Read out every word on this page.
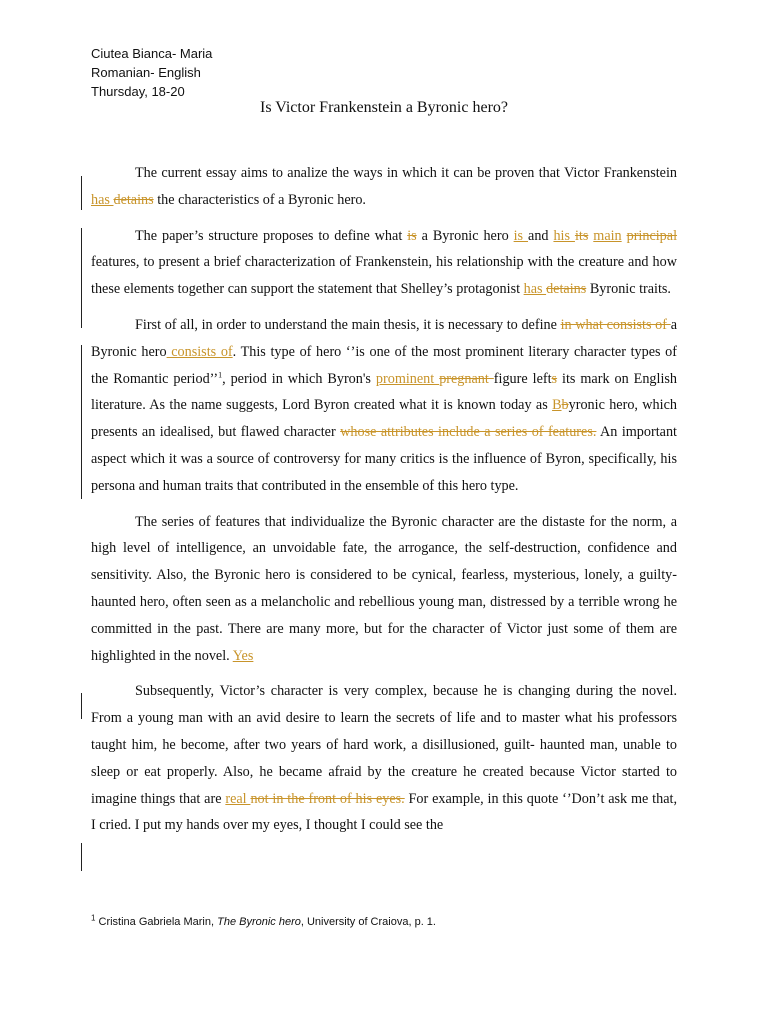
Ciutea Bianca- Maria
Romanian- English
Thursday, 18-20
Is Victor Frankenstein a Byronic hero?

The current essay aims to analize the ways in which it can be proven that Victor Frankenstein has detains the characteristics of a Byronic hero.

The paper’s structure proposes to define what is a Byronic hero is and his its main principal features, to present a brief characterization of Frankenstein, his relationship with the creature and how these elements together can support the statement that Shelley’s protagonist has detains Byronic traits.

First of all, in order to understand the main thesis, it is necessary to define in what consists of a Byronic hero consists of. This type of hero ‘’is one of the most prominent literary character types of the Romantic period’’$^1$, period in which Byron's prominent pregnant figure lefts its mark on English literature. As the name suggests, Lord Byron created what it is known today as Bbyronic hero, which presents an idealised, but flawed character whose attributes include a series of features. An important aspect which it was a source of controversy for many critics is the influence of Byron, specifically, his persona and human traits that contributed in the ensemble of this hero type.

The series of features that individualize the Byronic character are the distaste for the norm, a high level of intelligence, an unvoidable fate, the arrogance, the self-destruction, confidence and sensitivity. Also, the Byronic hero is considered to be cynical, fearless, mysterious, lonely, a guilty- haunted hero, often seen as a melancholic and rebellious young man, distressed by a terrible wrong he committed in the past. There are many more, but for the character of Victor just some of them are highlighted in the novel. Yes

Subsequently, Victor’s character is very complex, because he is changing during the novel. From a young man with an avid desire to learn the secrets of life and to master what his professors taught him, he become, after two years of hard work, a disillusioned, guilt- haunted man, unable to sleep or eat properly. Also, he became afraid by the creature he created because Victor started to imagine things that are real not in the front of his eyes. For example, in this quote ‘’Don’t ask me that, I cried. I put my hands over my eyes, I thought I could see the

$^1$ Cristina Gabriela Marin, The Byronic hero, University of Craiova, p. 1.
